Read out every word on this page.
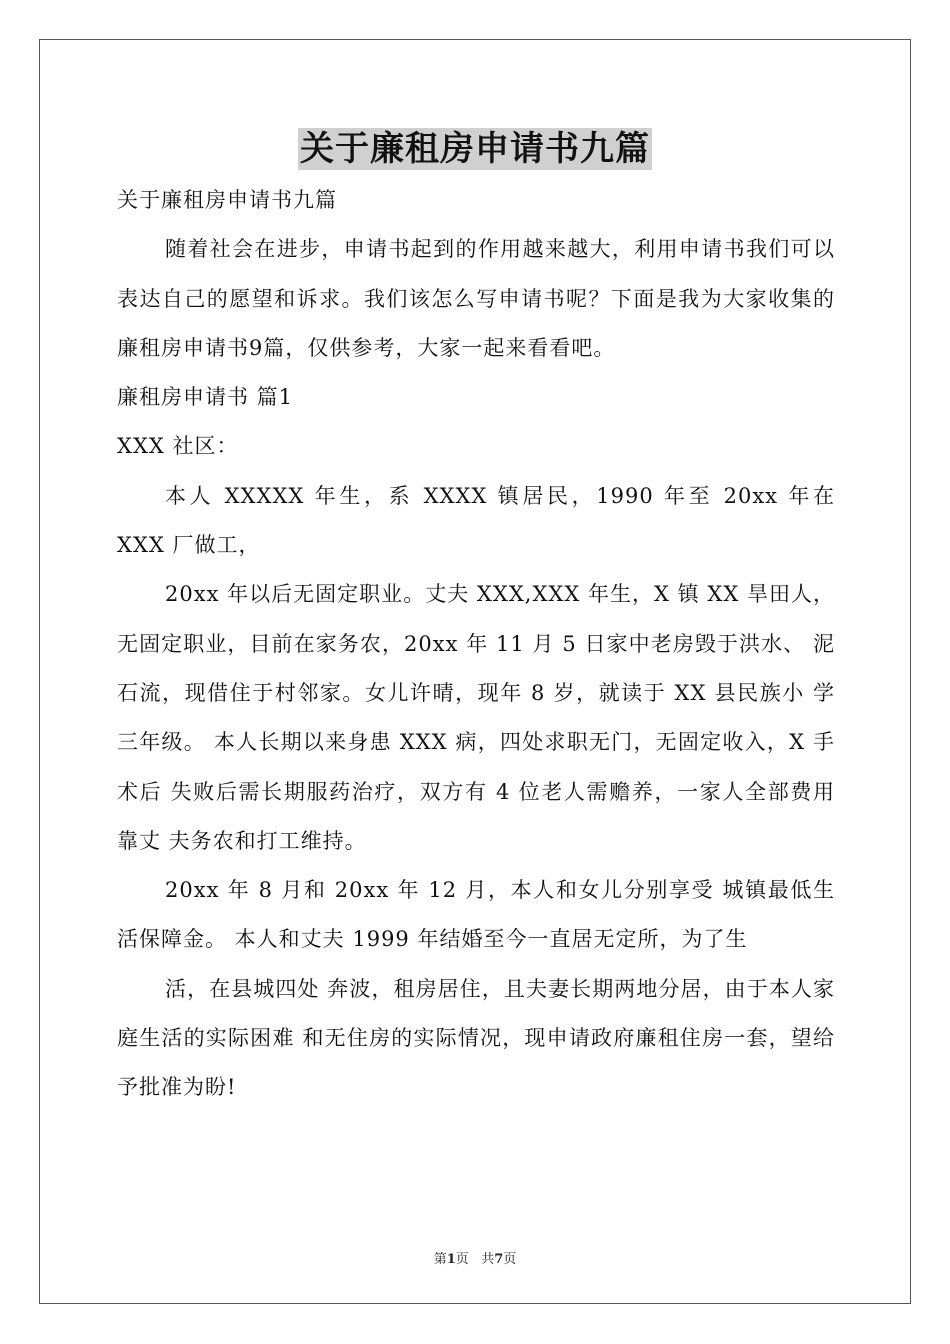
关于廉租房申请书九篇

关于廉租房申请书九篇

随着社会在进步，申请书起到的作用越来越大，利用申请书我们可以表达自己的愿望和诉求。我们该怎么写申请书呢？下面是我为大家收集的廉租房申请书9篇，仅供参考，大家一起来看看吧。

廉租房申请书 篇1

XXX 社区：

本人 XXXXX 年生，系 XXXX 镇居民，1990 年至 20xx 年在 XXX 厂做工，

20xx 年以后无固定职业。丈夫 XXX,XXX 年生，X 镇 XX 旱田人，无固定职业，目前在家务农，20xx 年 11 月 5 日家中老房毁于洪水、 泥石流，现借住于村邻家。女儿许晴，现年 8 岁，就读于 XX 县民族小 学三年级。 本人长期以来身患 XXX 病，四处求职无门，无固定收入，X 手术后 失败后需长期服药治疗，双方有 4 位老人需赡养，一家人全部费用靠丈 夫务农和打工维持。

20xx 年 8 月和 20xx 年 12 月，本人和女儿分别享受 城镇最低生活保障金。 本人和丈夫 1999 年结婚至今一直居无定所，为了生

活，在县城四处 奔波，租房居住，且夫妻长期两地分居，由于本人家庭生活的实际困难 和无住房的实际情况，现申请政府廉租住房一套，望给予批准为盼!

第1页 共7页
